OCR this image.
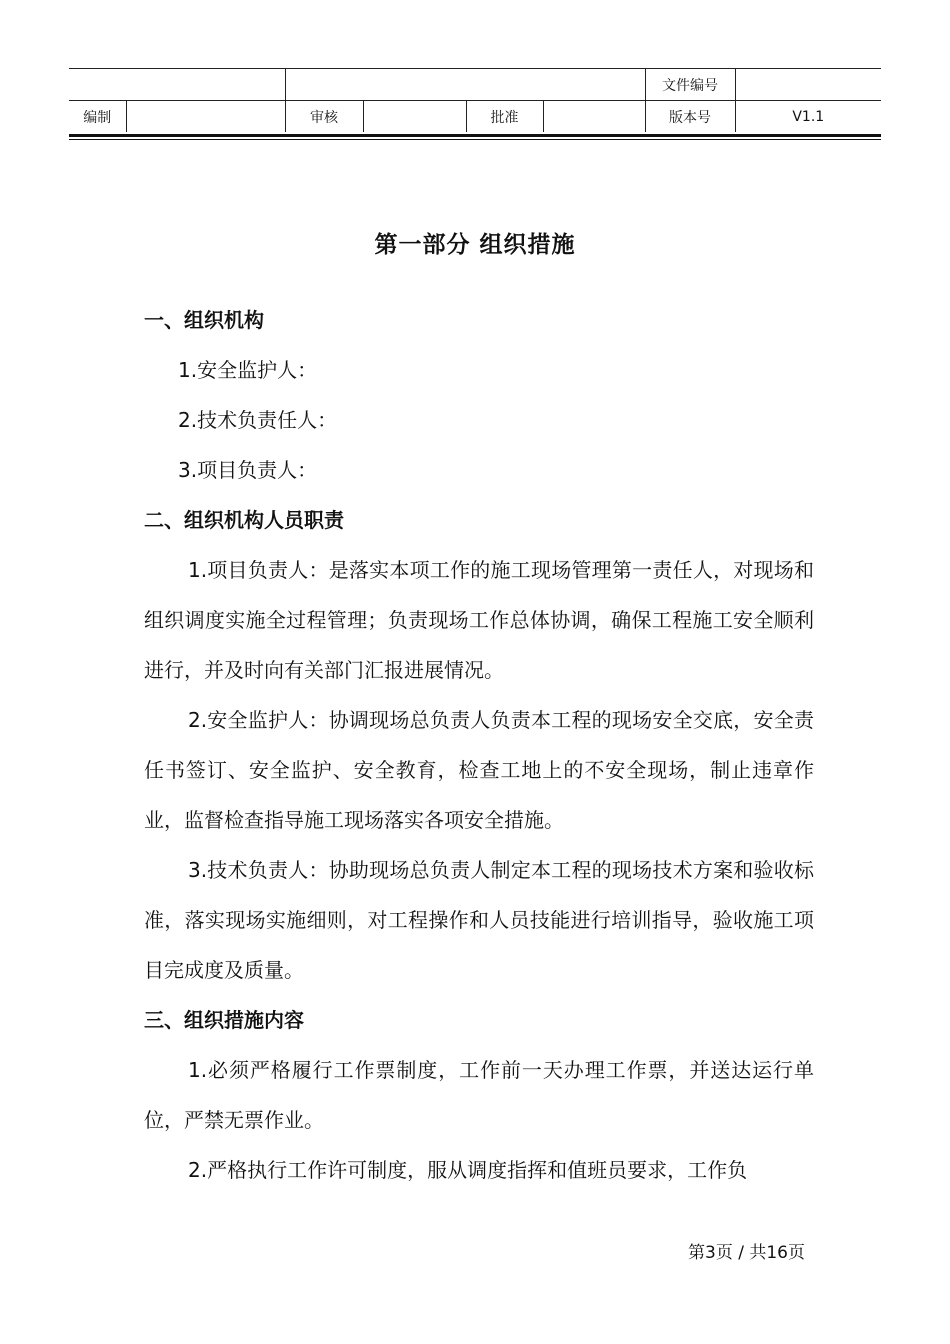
						文件编号	
编制		审核		批准		版本号	V1.1
第一部分 组织措施
一、组织机构
1.安全监护人：
2.技术负责任人：
3.项目负责人：
二、组织机构人员职责

1.项目负责人：是落实本项工作的施工现场管理第一责任人，对现场和组织调度实施全过程管理；负责现场工作总体协调，确保工程施工安全顺利进行，并及时向有关部门汇报进展情况。

2.安全监护人：协调现场总负责人负责本工程的现场安全交底，安全责任书签订、安全监护、安全教育，检查工地上的不安全现场，制止违章作业，监督检查指导施工现场落实各项安全措施。

3.技术负责人：协助现场总负责人制定本工程的现场技术方案和验收标准，落实现场实施细则，对工程操作和人员技能进行培训指导，验收施工项目完成度及质量。

三、组织措施内容

1.必须严格履行工作票制度，工作前一天办理工作票，并送达运行单位，严禁无票作业。

2.严格执行工作许可制度，服从调度指挥和值班员要求，工作负

第3页 / 共16页
